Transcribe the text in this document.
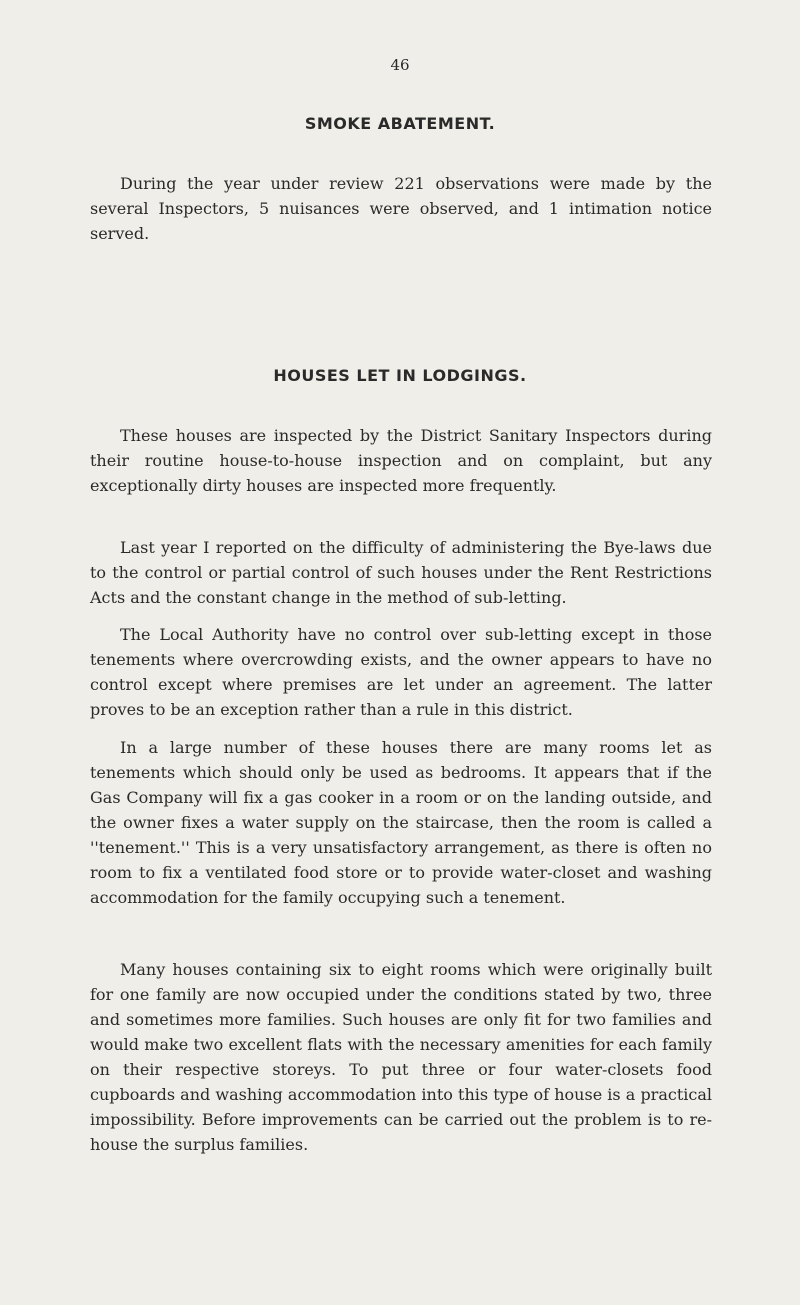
46
SMOKE ABATEMENT.

During the year under review 221 observations were made by the several Inspectors, 5 nuisances were observed, and 1 intimation notice served.

HOUSES LET IN LODGINGS.

These houses are inspected by the District Sanitary Inspectors during their routine house-to-house inspection and on complaint, but any exceptionally dirty houses are inspected more frequently.

Last year I reported on the difficulty of administering the Bye-laws due to the control or partial control of such houses under the Rent Restrictions Acts and the constant change in the method of sub-letting.

The Local Authority have no control over sub-letting except in those tenements where overcrowding exists, and the owner appears to have no control except where premises are let under an agreement. The latter proves to be an exception rather than a rule in this district.

In a large number of these houses there are many rooms let as tenements which should only be used as bedrooms. It appears that if the Gas Company will fix a gas cooker in a room or on the landing outside, and the owner fixes a water supply on the staircase, then the room is called a ''tenement.'' This is a very unsatisfactory arrangement, as there is often no room to fix a ventilated food store or to provide water-closet and washing accommodation for the family occupying such a tenement.

Many houses containing six to eight rooms which were originally built for one family are now occupied under the conditions stated by two, three and sometimes more families. Such houses are only fit for two families and would make two excellent flats with the necessary amenities for each family on their respective storeys. To put three or four water-closets food cupboards and washing accommodation into this type of house is a practical impossibility. Before improvements can be carried out the problem is to re-house the surplus families.
